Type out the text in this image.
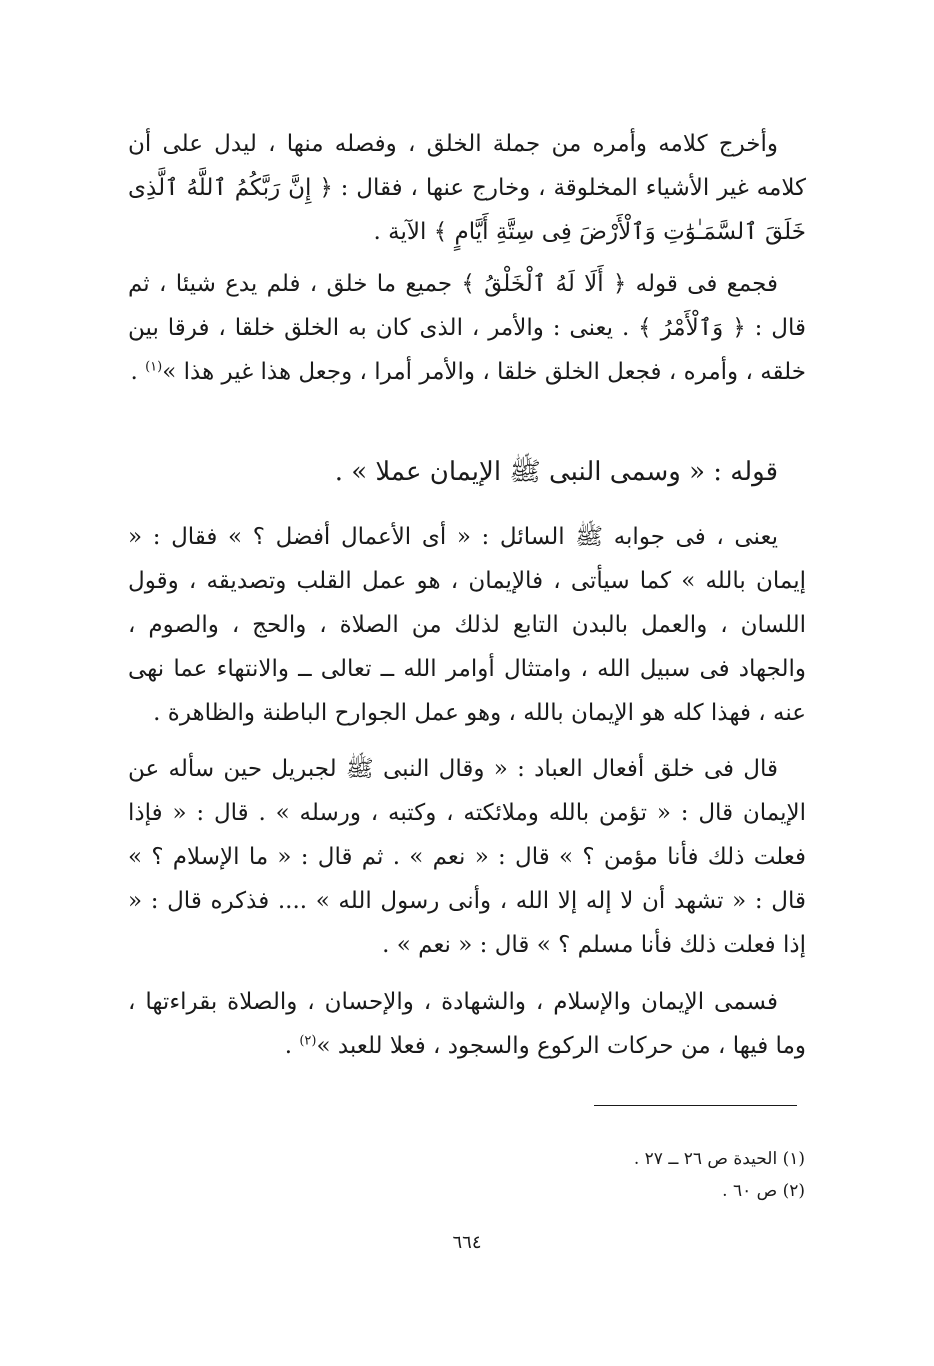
وأخرج كلامه وأمره من جملة الخلق ، وفصله منها ، ليدل على أن كلامه غير الأشياء المخلوقة ، وخارج عنها ، فقال : ﴿ إِنَّ رَبَّكُمُ ٱللَّهُ ٱلَّذِى خَلَقَ ٱلسَّمَـٰوَٰتِ وَٱلْأَرْضَ فِى سِتَّةِ أَيَّامٍ ﴾ الآية .

فجمع فى قوله ﴿ أَلَا لَهُ ٱلْخَلْقُ ﴾ جميع ما خلق ، فلم يدع شيئا ، ثم قال : ﴿ وَٱلْأَمْرُ ﴾ . يعنى : والأمر ، الذى كان به الخلق خلقا ، فرقا بين خلقه ، وأمره ، فجعل الخلق خلقا ، والأمر أمرا ، وجعل هذا غير هذا »$^{(١)}$ .

قوله : « وسمى النبى ﷺ الإيمان عملا » .

يعنى ، فى جوابه ﷺ السائل : « أى الأعمال أفضل ؟ » فقال : « إيمان بالله » كما سيأتى ، فالإيمان ، هو عمل القلب وتصديقه ، وقول اللسان ، والعمل بالبدن التابع لذلك من الصلاة ، والحج ، والصوم ، والجهاد فى سبيل الله ، وامتثال أوامر الله ــ تعالى ــ والانتهاء عما نهى عنه ، فهذا كله هو الإيمان بالله ، وهو عمل الجوارح الباطنة والظاهرة .

قال فى خلق أفعال العباد : « وقال النبى ﷺ لجبريل حين سأله عن الإيمان قال : « تؤمن بالله وملائكته ، وكتبه ، ورسله » . قال : « فإذا فعلت ذلك فأنا مؤمن ؟ » قال : « نعم » . ثم قال : « ما الإسلام ؟ » قال : « تشهد أن لا إله إلا الله ، وأنى رسول الله » .... فذكره قال : « إذا فعلت ذلك فأنا مسلم ؟ » قال : « نعم » .

فسمى الإيمان والإسلام ، والشهادة ، والإحسان ، والصلاة بقراءتها ، وما فيها ، من حركات الركوع والسجود ، فعلا للعبد »$^{(٢)}$ .

(١) الحيدة ص ٢٦ ــ ٢٧ .
(٢) ص ٦٠ .
٦٦٤
